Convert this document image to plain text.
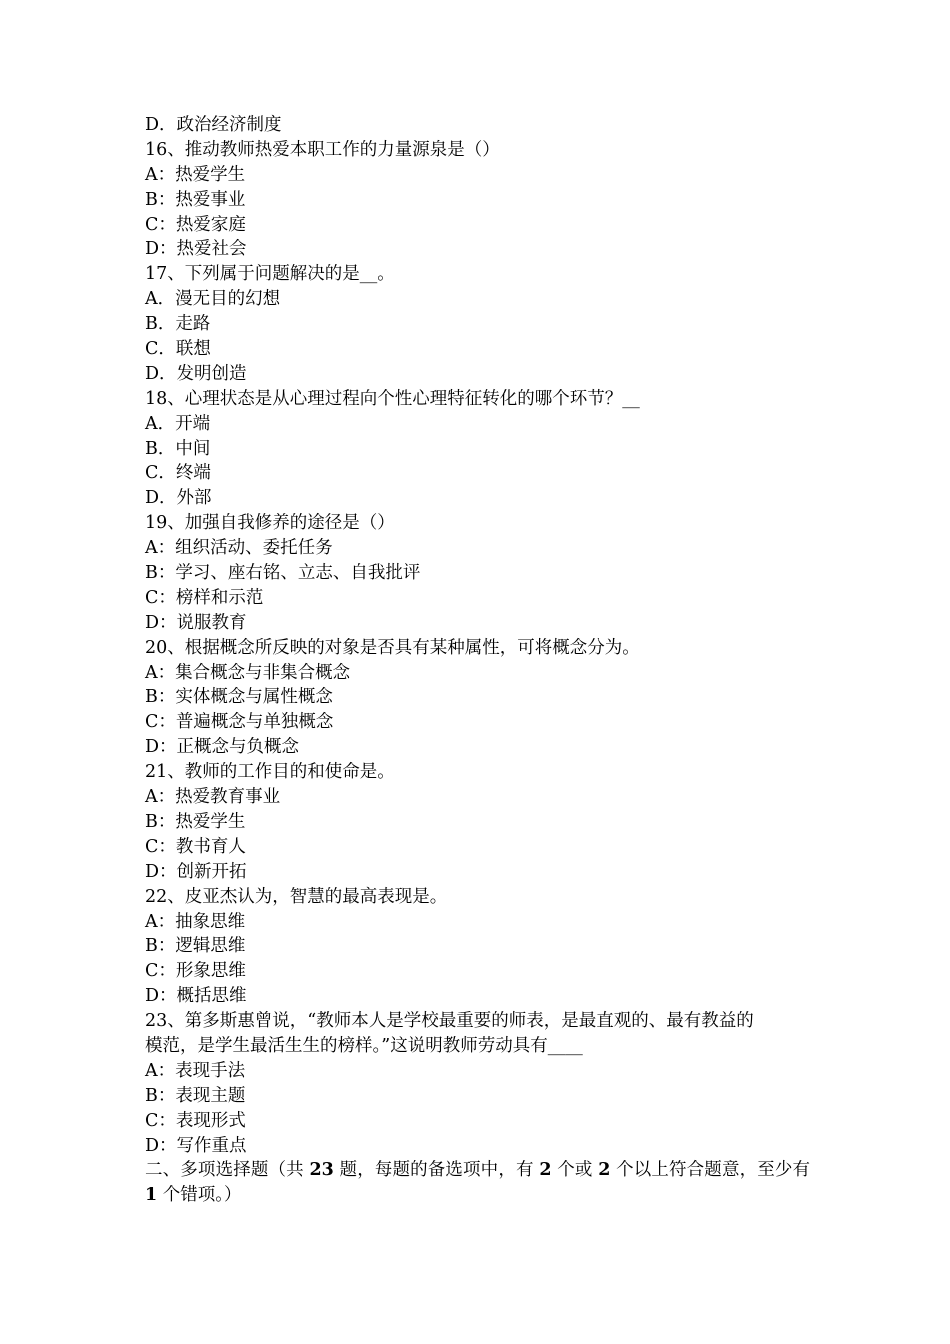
D．政治经济制度
16、推动教师热爱本职工作的力量源泉是（）
A：热爱学生
B：热爱事业
C：热爱家庭
D：热爱社会
17、下列属于问题解决的是__。
A．漫无目的幻想
B．走路
C．联想
D．发明创造
18、心理状态是从心理过程向个性心理特征转化的哪个环节？__
A．开端
B．中间
C．终端
D．外部
19、加强自我修养的途径是（）
A：组织活动、委托任务
B：学习、座右铭、立志、自我批评
C：榜样和示范
D：说服教育
20、根据概念所反映的对象是否具有某种属性，可将概念分为。
A：集合概念与非集合概念
B：实体概念与属性概念
C：普遍概念与单独概念
D：正概念与负概念
21、教师的工作目的和使命是。
A：热爱教育事业
B：热爱学生
C：教书育人
D：创新开拓
22、皮亚杰认为，智慧的最高表现是。
A：抽象思维
B：逻辑思维
C：形象思维
D：概括思维
23、第多斯惠曾说，“教师本人是学校最重要的师表，是最直观的、最有教益的
模范，是学生最活生生的榜样。”这说明教师劳动具有____
A：表现手法
B：表现主题
C：表现形式
D：写作重点
二、多项选择题（共 23 题，每题的备选项中，有 2 个或 2 个以上符合题意，至少有 1 个错项。）
